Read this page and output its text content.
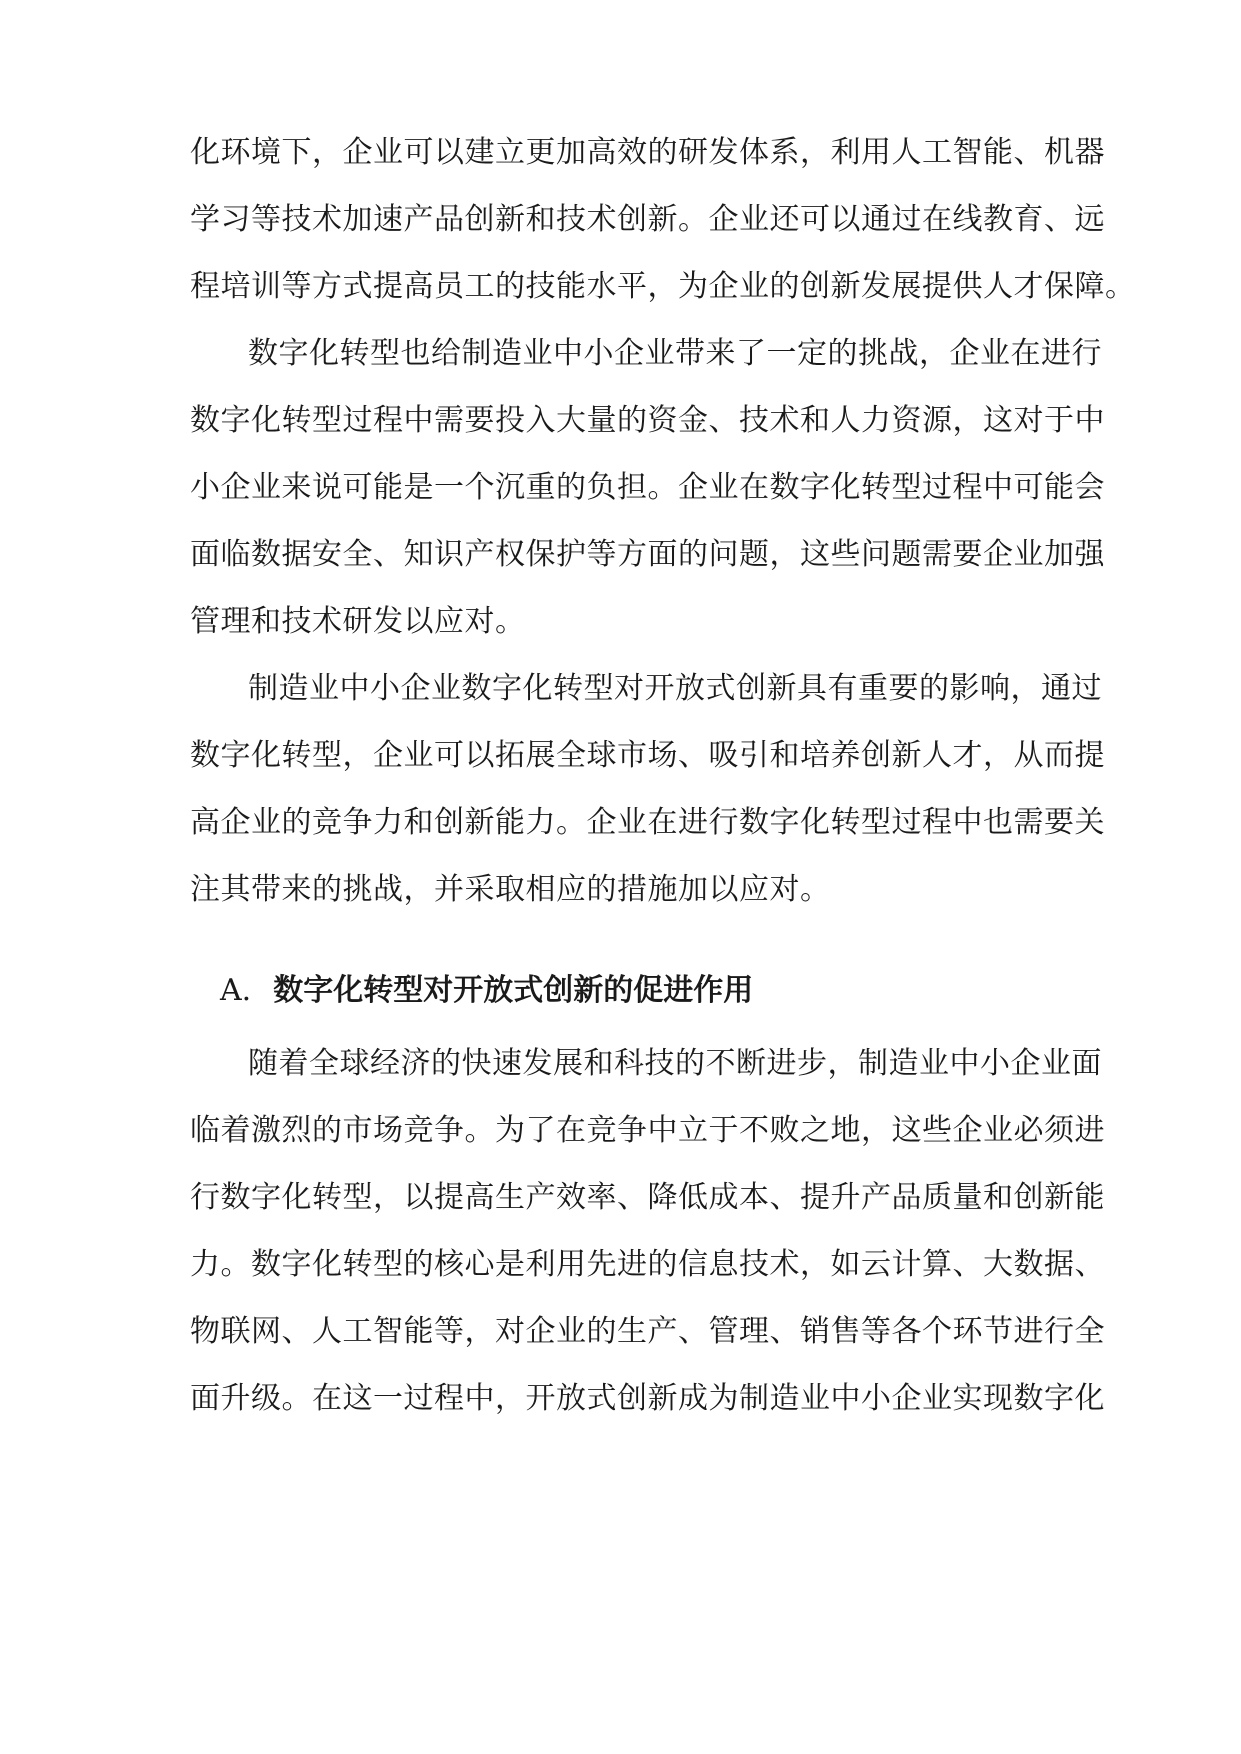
化环境下，企业可以建立更加高效的研发体系，利用人工智能、机器
学习等技术加速产品创新和技术创新。企业还可以通过在线教育、远
程培训等方式提高员工的技能水平，为企业的创新发展提供人才保障。
数字化转型也给制造业中小企业带来了一定的挑战，企业在进行
数字化转型过程中需要投入大量的资金、技术和人力资源，这对于中
小企业来说可能是一个沉重的负担。企业在数字化转型过程中可能会
面临数据安全、知识产权保护等方面的问题，这些问题需要企业加强
管理和技术研发以应对。
制造业中小企业数字化转型对开放式创新具有重要的影响，通过
数字化转型，企业可以拓展全球市场、吸引和培养创新人才，从而提
高企业的竞争力和创新能力。企业在进行数字化转型过程中也需要关
注其带来的挑战，并采取相应的措施加以应对。
A. 数字化转型对开放式创新的促进作用
随着全球经济的快速发展和科技的不断进步，制造业中小企业面
临着激烈的市场竞争。为了在竞争中立于不败之地，这些企业必须进
行数字化转型，以提高生产效率、降低成本、提升产品质量和创新能
力。数字化转型的核心是利用先进的信息技术，如云计算、大数据、
物联网、人工智能等，对企业的生产、管理、销售等各个环节进行全
面升级。在这一过程中，开放式创新成为制造业中小企业实现数字化
